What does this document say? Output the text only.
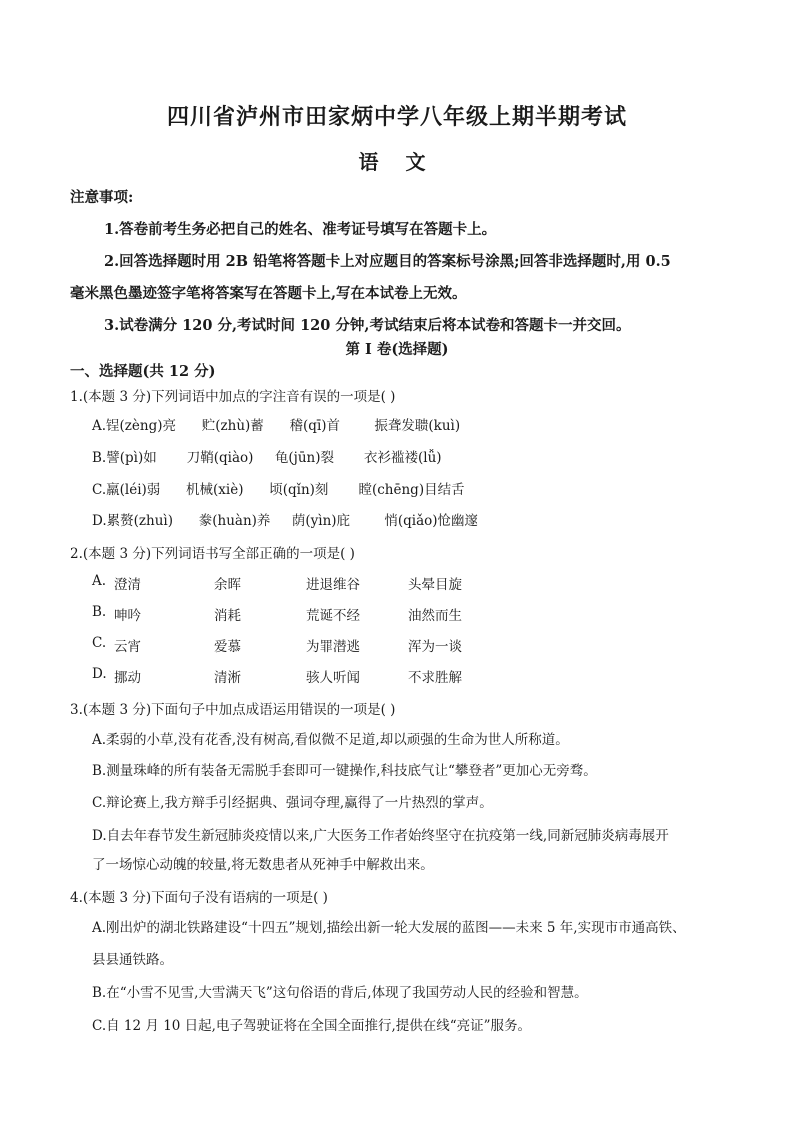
四川省泸州市田家炳中学八年级上期半期考试
语 文
注意事项:
1.答卷前考生务必把自己的姓名、准考证号填写在答题卡上。
2.回答选择题时用 2B 铅笔将答题卡上对应题目的答案标号涂黑;回答非选择题时,用 0.5
毫米黑色墨迹签字笔将答案写在答题卡上,写在本试卷上无效。
3.试卷满分 120 分,考试时间 120 分钟,考试结束后将本试卷和答题卡一并交回。
第 I 卷(选择题)
一、选择题(共 12 分)
1.(本题 3 分)下列词语中加点的字注音有误的一项是( )
A.锃(zèng)亮      贮(zhù)蓄      稽(qī)首        振聋发聩(kuì)
B.譬(pì)如       刀鞘(qiào)     龟(jūn)裂       衣衫褴褛(lǚ)
C.羸(léi)弱      机械(xiè)      顷(qǐn)刻       瞠(chēng)目结舌
D.累赘(zhuì)      豢(huàn)养     荫(yìn)庇        悄(qiǎo)怆幽邃
2.(本题 3 分)下列词语书写全部正确的一项是( )
A. 澄清	余晖	进退维谷	头晕目旋
B. 呻吟	消耗	荒诞不经	油然而生
C. 云宵	爱慕	为罪潜逃	浑为一谈
D. 挪动	清淅	骇人听闻	不求胜解
3.(本题 3 分)下面句子中加点成语运用错误的一项是( )
A.柔弱的小草,没有花香,没有树高,看似微不足道,却以顽强的生命为世人所称道。
B.测量珠峰的所有装备无需脱手套即可一键操作,科技底气让“攀登者”更加心无旁骛。
C.辩论赛上,我方辩手引经据典、强词夺理,赢得了一片热烈的掌声。
D.自去年春节发生新冠肺炎疫情以来,广大医务工作者始终坚守在抗疫第一线,同新冠肺炎病毒展开
了一场惊心动魄的较量,将无数患者从死神手中解救出来。
4.(本题 3 分)下面句子没有语病的一项是( )
A.刚出炉的湖北铁路建设“十四五”规划,描绘出新一轮大发展的蓝图——未来 5 年,实现市市通高铁、
县县通铁路。
B.在“小雪不见雪,大雪满天飞”这句俗语的背后,体现了我国劳动人民的经验和智慧。
C.自 12 月 10 日起,电子驾驶证将在全国全面推行,提供在线“亮证”服务。
